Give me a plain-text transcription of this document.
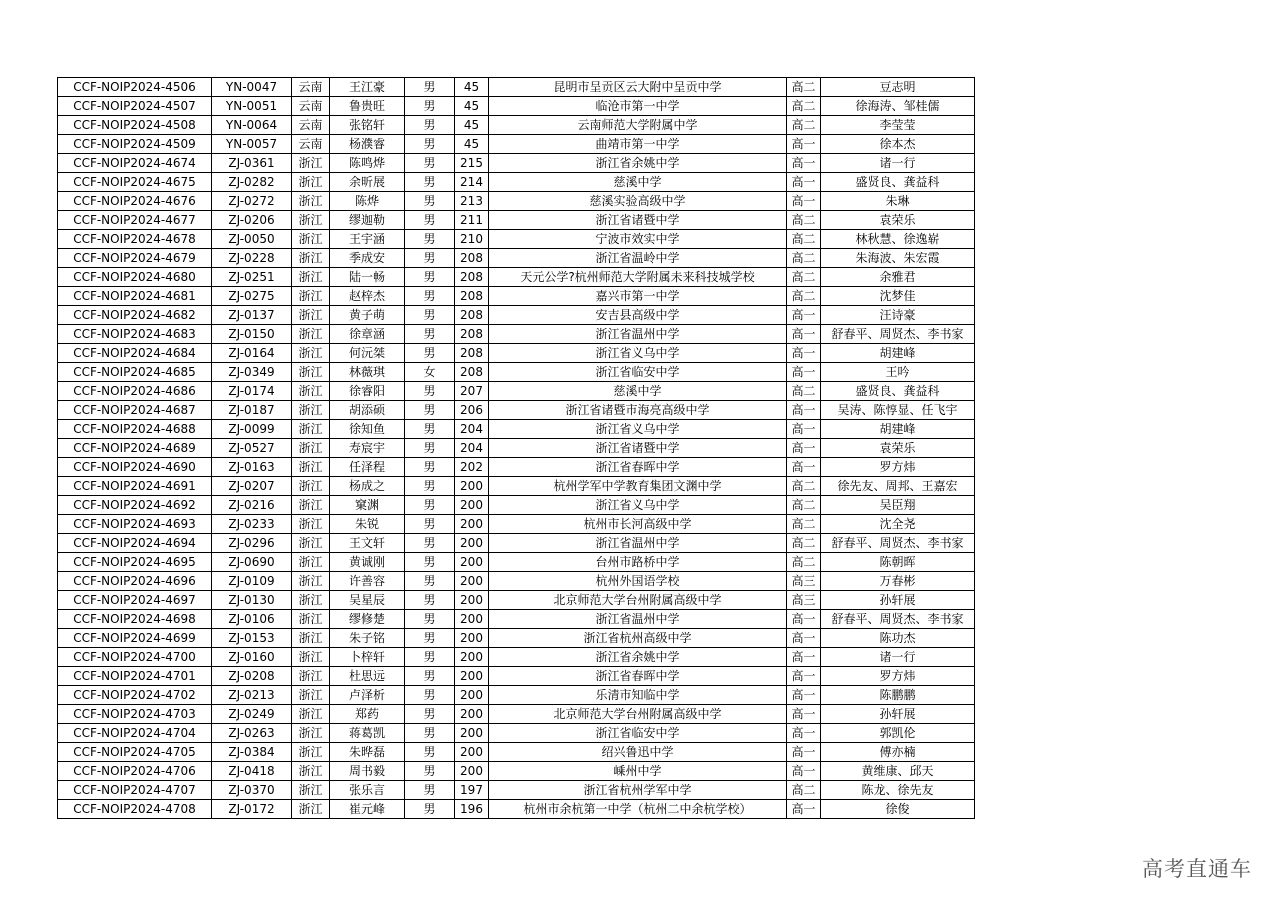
CCF-NOIP2024-4506	YN-0047	云南	王江豪	男	45	昆明市呈贡区云大附中呈贡中学	高二	豆志明
CCF-NOIP2024-4507	YN-0051	云南	鲁贵旺	男	45	临沧市第一中学	高二	徐海涛、邹桂儒
CCF-NOIP2024-4508	YN-0064	云南	张铭轩	男	45	云南师范大学附属中学	高二	李莹莹
CCF-NOIP2024-4509	YN-0057	云南	杨濮睿	男	45	曲靖市第一中学	高一	徐本杰
CCF-NOIP2024-4674	ZJ-0361	浙江	陈鸣烨	男	215	浙江省余姚中学	高一	诸一行
CCF-NOIP2024-4675	ZJ-0282	浙江	余昕展	男	214	慈溪中学	高一	盛贤良、龚益科
CCF-NOIP2024-4676	ZJ-0272	浙江	陈烨	男	213	慈溪实验高级中学	高一	朱琳
CCF-NOIP2024-4677	ZJ-0206	浙江	缪迦勒	男	211	浙江省诸暨中学	高二	袁荣乐
CCF-NOIP2024-4678	ZJ-0050	浙江	王宇涵	男	210	宁波市效实中学	高二	林秋慧、徐逸崭
CCF-NOIP2024-4679	ZJ-0228	浙江	季成安	男	208	浙江省温岭中学	高二	朱海波、朱宏霞
CCF-NOIP2024-4680	ZJ-0251	浙江	陆一畅	男	208	天元公学?杭州师范大学附属未来科技城学校	高二	余雅君
CCF-NOIP2024-4681	ZJ-0275	浙江	赵梓杰	男	208	嘉兴市第一中学	高二	沈梦佳
CCF-NOIP2024-4682	ZJ-0137	浙江	黄子萌	男	208	安吉县高级中学	高一	汪诗豪
CCF-NOIP2024-4683	ZJ-0150	浙江	徐章涵	男	208	浙江省温州中学	高一	舒春平、周贤杰、李书家
CCF-NOIP2024-4684	ZJ-0164	浙江	何沅桀	男	208	浙江省义乌中学	高一	胡建峰
CCF-NOIP2024-4685	ZJ-0349	浙江	林薇琪	女	208	浙江省临安中学	高一	王吟
CCF-NOIP2024-4686	ZJ-0174	浙江	徐睿阳	男	207	慈溪中学	高二	盛贤良、龚益科
CCF-NOIP2024-4687	ZJ-0187	浙江	胡添硕	男	206	浙江省诸暨市海亮高级中学	高一	吴涛、陈惇显、任飞宇
CCF-NOIP2024-4688	ZJ-0099	浙江	徐知鱼	男	204	浙江省义乌中学	高一	胡建峰
CCF-NOIP2024-4689	ZJ-0527	浙江	寿宸宇	男	204	浙江省诸暨中学	高一	袁荣乐
CCF-NOIP2024-4690	ZJ-0163	浙江	任泽程	男	202	浙江省春晖中学	高一	罗方炜
CCF-NOIP2024-4691	ZJ-0207	浙江	杨成之	男	200	杭州学军中学教育集团文渊中学	高二	徐先友、周邦、王嘉宏
CCF-NOIP2024-4692	ZJ-0216	浙江	窠渊	男	200	浙江省义乌中学	高二	吴臣翔
CCF-NOIP2024-4693	ZJ-0233	浙江	朱锐	男	200	杭州市长河高级中学	高二	沈全尧
CCF-NOIP2024-4694	ZJ-0296	浙江	王文轩	男	200	浙江省温州中学	高二	舒春平、周贤杰、李书家
CCF-NOIP2024-4695	ZJ-0690	浙江	黄诚刚	男	200	台州市路桥中学	高二	陈朝晖
CCF-NOIP2024-4696	ZJ-0109	浙江	许善容	男	200	杭州外国语学校	高三	万春彬
CCF-NOIP2024-4697	ZJ-0130	浙江	吴星辰	男	200	北京师范大学台州附属高级中学	高三	孙轩展
CCF-NOIP2024-4698	ZJ-0106	浙江	缪修楚	男	200	浙江省温州中学	高一	舒春平、周贤杰、李书家
CCF-NOIP2024-4699	ZJ-0153	浙江	朱子铭	男	200	浙江省杭州高级中学	高一	陈功杰
CCF-NOIP2024-4700	ZJ-0160	浙江	卜梓轩	男	200	浙江省余姚中学	高一	诸一行
CCF-NOIP2024-4701	ZJ-0208	浙江	杜思远	男	200	浙江省春晖中学	高一	罗方炜
CCF-NOIP2024-4702	ZJ-0213	浙江	卢泽析	男	200	乐清市知临中学	高一	陈鹏鹏
CCF-NOIP2024-4703	ZJ-0249	浙江	郑药	男	200	北京师范大学台州附属高级中学	高一	孙轩展
CCF-NOIP2024-4704	ZJ-0263	浙江	蒋葛凯	男	200	浙江省临安中学	高一	郭凯伦
CCF-NOIP2024-4705	ZJ-0384	浙江	朱晔磊	男	200	绍兴鲁迅中学	高一	傅亦楠
CCF-NOIP2024-4706	ZJ-0418	浙江	周书毅	男	200	嵊州中学	高一	黄维康、邱天
CCF-NOIP2024-4707	ZJ-0370	浙江	张乐言	男	197	浙江省杭州学军中学	高二	陈龙、徐先友
CCF-NOIP2024-4708	ZJ-0172	浙江	崔元峰	男	196	杭州市余杭第一中学（杭州二中余杭学校）	高一	徐俊
高考直通车
